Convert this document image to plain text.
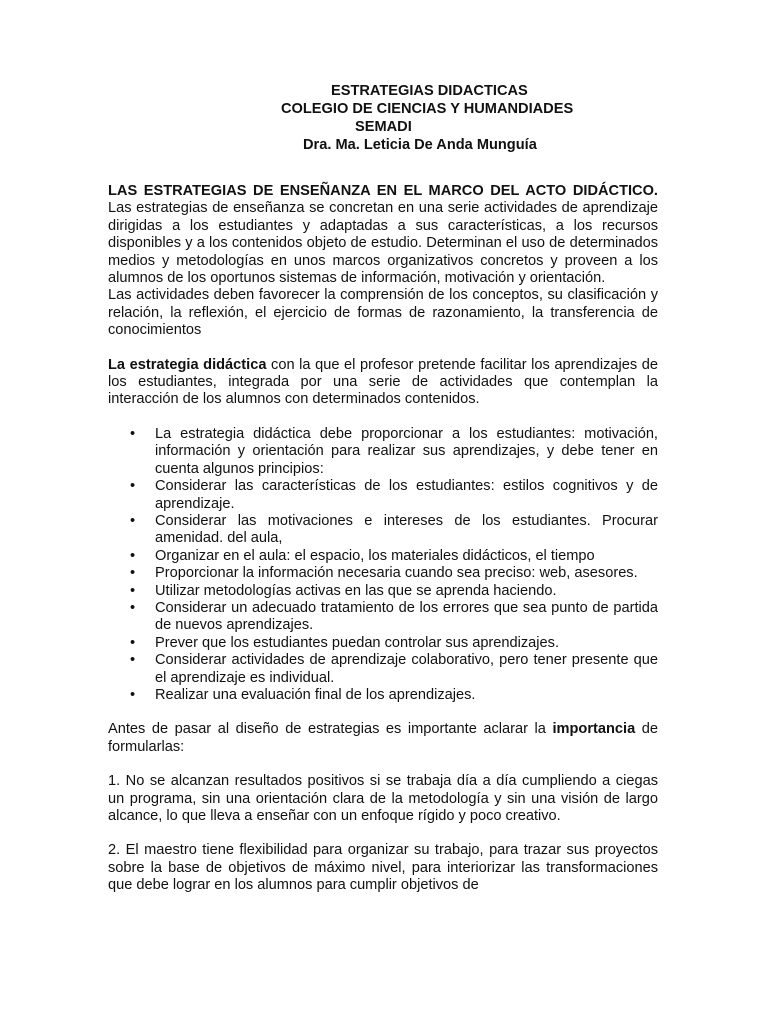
ESTRATEGIAS DIDACTICAS
COLEGIO DE CIENCIAS Y HUMANDIADES
SEMADI
Dra. Ma. Leticia De Anda Munguía

LAS ESTRATEGIAS DE ENSEÑANZA EN EL MARCO DEL ACTO DIDÁCTICO. Las estrategias de enseñanza se concretan en una serie actividades de aprendizaje dirigidas a los estudiantes y adaptadas a sus características, a los recursos disponibles y a los contenidos objeto de estudio. Determinan el uso de determinados medios y metodologías en unos marcos organizativos concretos y proveen a los alumnos de los oportunos sistemas de información, motivación y orientación.

Las actividades deben favorecer la comprensión de los conceptos, su clasificación y relación, la reflexión, el ejercicio de formas de razonamiento, la transferencia de conocimientos

La estrategia didáctica con la que el profesor pretende facilitar los aprendizajes de los estudiantes, integrada por una serie de actividades que contemplan la interacción de los alumnos con determinados contenidos.

•	La estrategia didáctica debe proporcionar a los estudiantes: motivación, información y orientación para realizar sus aprendizajes, y debe tener en cuenta algunos principios:
•	Considerar las características de los estudiantes: estilos cognitivos y de aprendizaje.
•	Considerar las motivaciones e intereses de los estudiantes. Procurar amenidad. del aula,
•	Organizar en el aula: el espacio, los materiales didácticos, el tiempo
•	Proporcionar la información necesaria cuando sea preciso: web, asesores.
•	Utilizar metodologías activas en las que se aprenda haciendo.
•	Considerar un adecuado tratamiento de los errores que sea punto de partida de nuevos aprendizajes.
•	Prever que los estudiantes puedan controlar sus aprendizajes.
•	Considerar actividades de aprendizaje colaborativo, pero tener presente que el aprendizaje es individual.
•	Realizar una evaluación final de los aprendizajes.

Antes de pasar al diseño de estrategias es importante aclarar la importancia de formularlas:

1. No se alcanzan resultados positivos si se trabaja día a día cumpliendo a ciegas un programa, sin una orientación clara de la metodología y sin una visión de largo alcance, lo que lleva a enseñar con un enfoque rígido y poco creativo.

2. El maestro tiene flexibilidad para organizar su trabajo, para trazar sus proyectos sobre la base de objetivos de máximo nivel, para interiorizar las transformaciones que debe lograr en los alumnos para cumplir objetivos de
